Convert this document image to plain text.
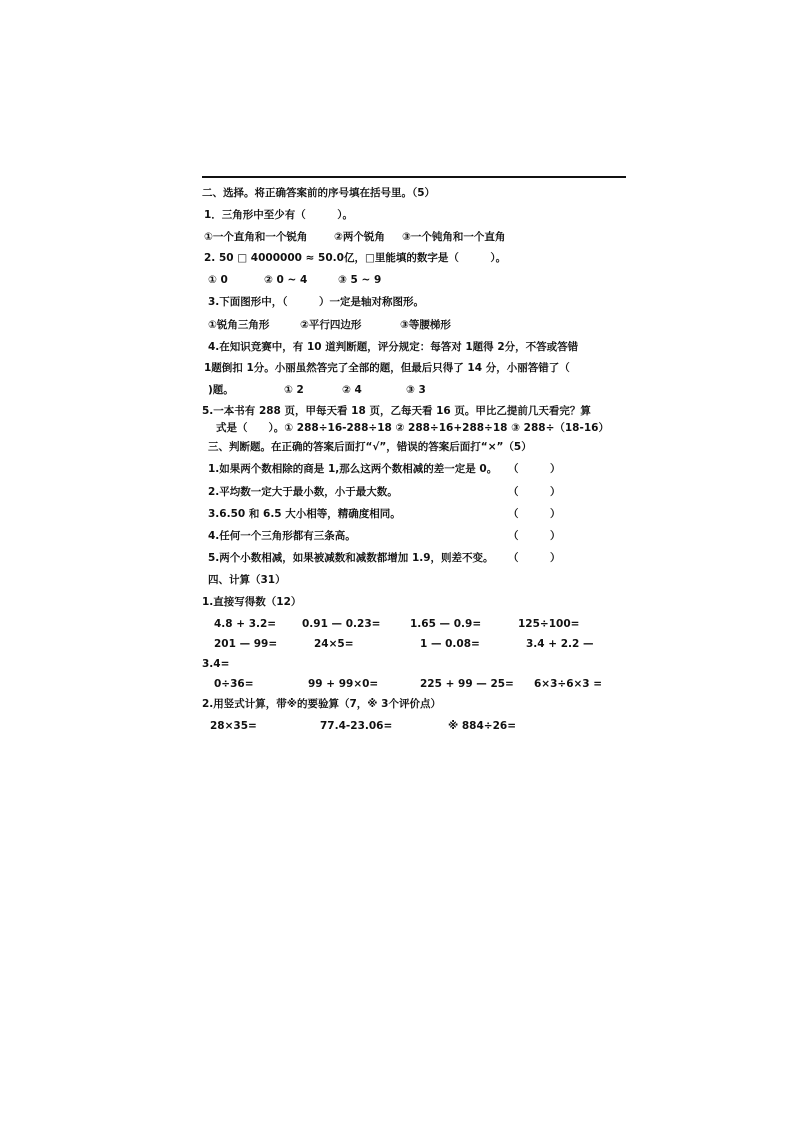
二、选择。将正确答案前的序号填在括号里。（5）
1．三角形中至少有（　　　）。
①一个直角和一个锐角	②两个锐角 ③一个钝角和一个直角
2. 50 □ 4000000 ≈ 50.0亿，□里能填的数字是（　　　）。
① 0	② 0 ~ 4	③ 5 ~ 9
3.下面图形中，（　　　）一定是轴对称图形。
①锐角三角形	②平行四边形	③等腰梯形
4.在知识竞赛中，有 10 道判断题，评分规定：每答对 1题得 2分，不答或答错
1题倒扣 1分。小丽虽然答完了全部的题，但最后只得了 14 分，小丽答错了（
)题。	① 2	② 4	③ 3
5.一本书有 288 页，甲每天看 18 页，乙每天看 16 页。甲比乙提前几天看完？算
式是（　　）。① 288÷16-288÷18 ② 288÷16+288÷18 ③ 288÷（18-16）
三、判断题。在正确的答案后面打“√”，错误的答案后面打“×”（5）
1.如果两个数相除的商是 1,那么这两个数相减的差一定是 0。 （　　　）
2.平均数一定大于最小数，小于最大数。	（　　　）
3.6.50 和 6.5 大小相等，精确度相同。	（　　　）
4.任何一个三角形都有三条高。	（　　　）
5.两个小数相减，如果被减数和减数都增加 1.9，则差不变。 （　　　）
四、计算（31）
1.直接写得数（12）
4.8 + 3.2= 0.91 — 0.23=	1.65 — 0.9=	125÷100=
201 — 99=	24×5=	1 — 0.08=	3.4 + 2.2 —
3.4=
0÷36=	99 + 99×0=	225 + 99 — 25= 6×3÷6×3 =
2.用竖式计算，带※的要验算（7，※ 3个评价点）
28×35=	77.4-23.06=	※ 884÷26=
